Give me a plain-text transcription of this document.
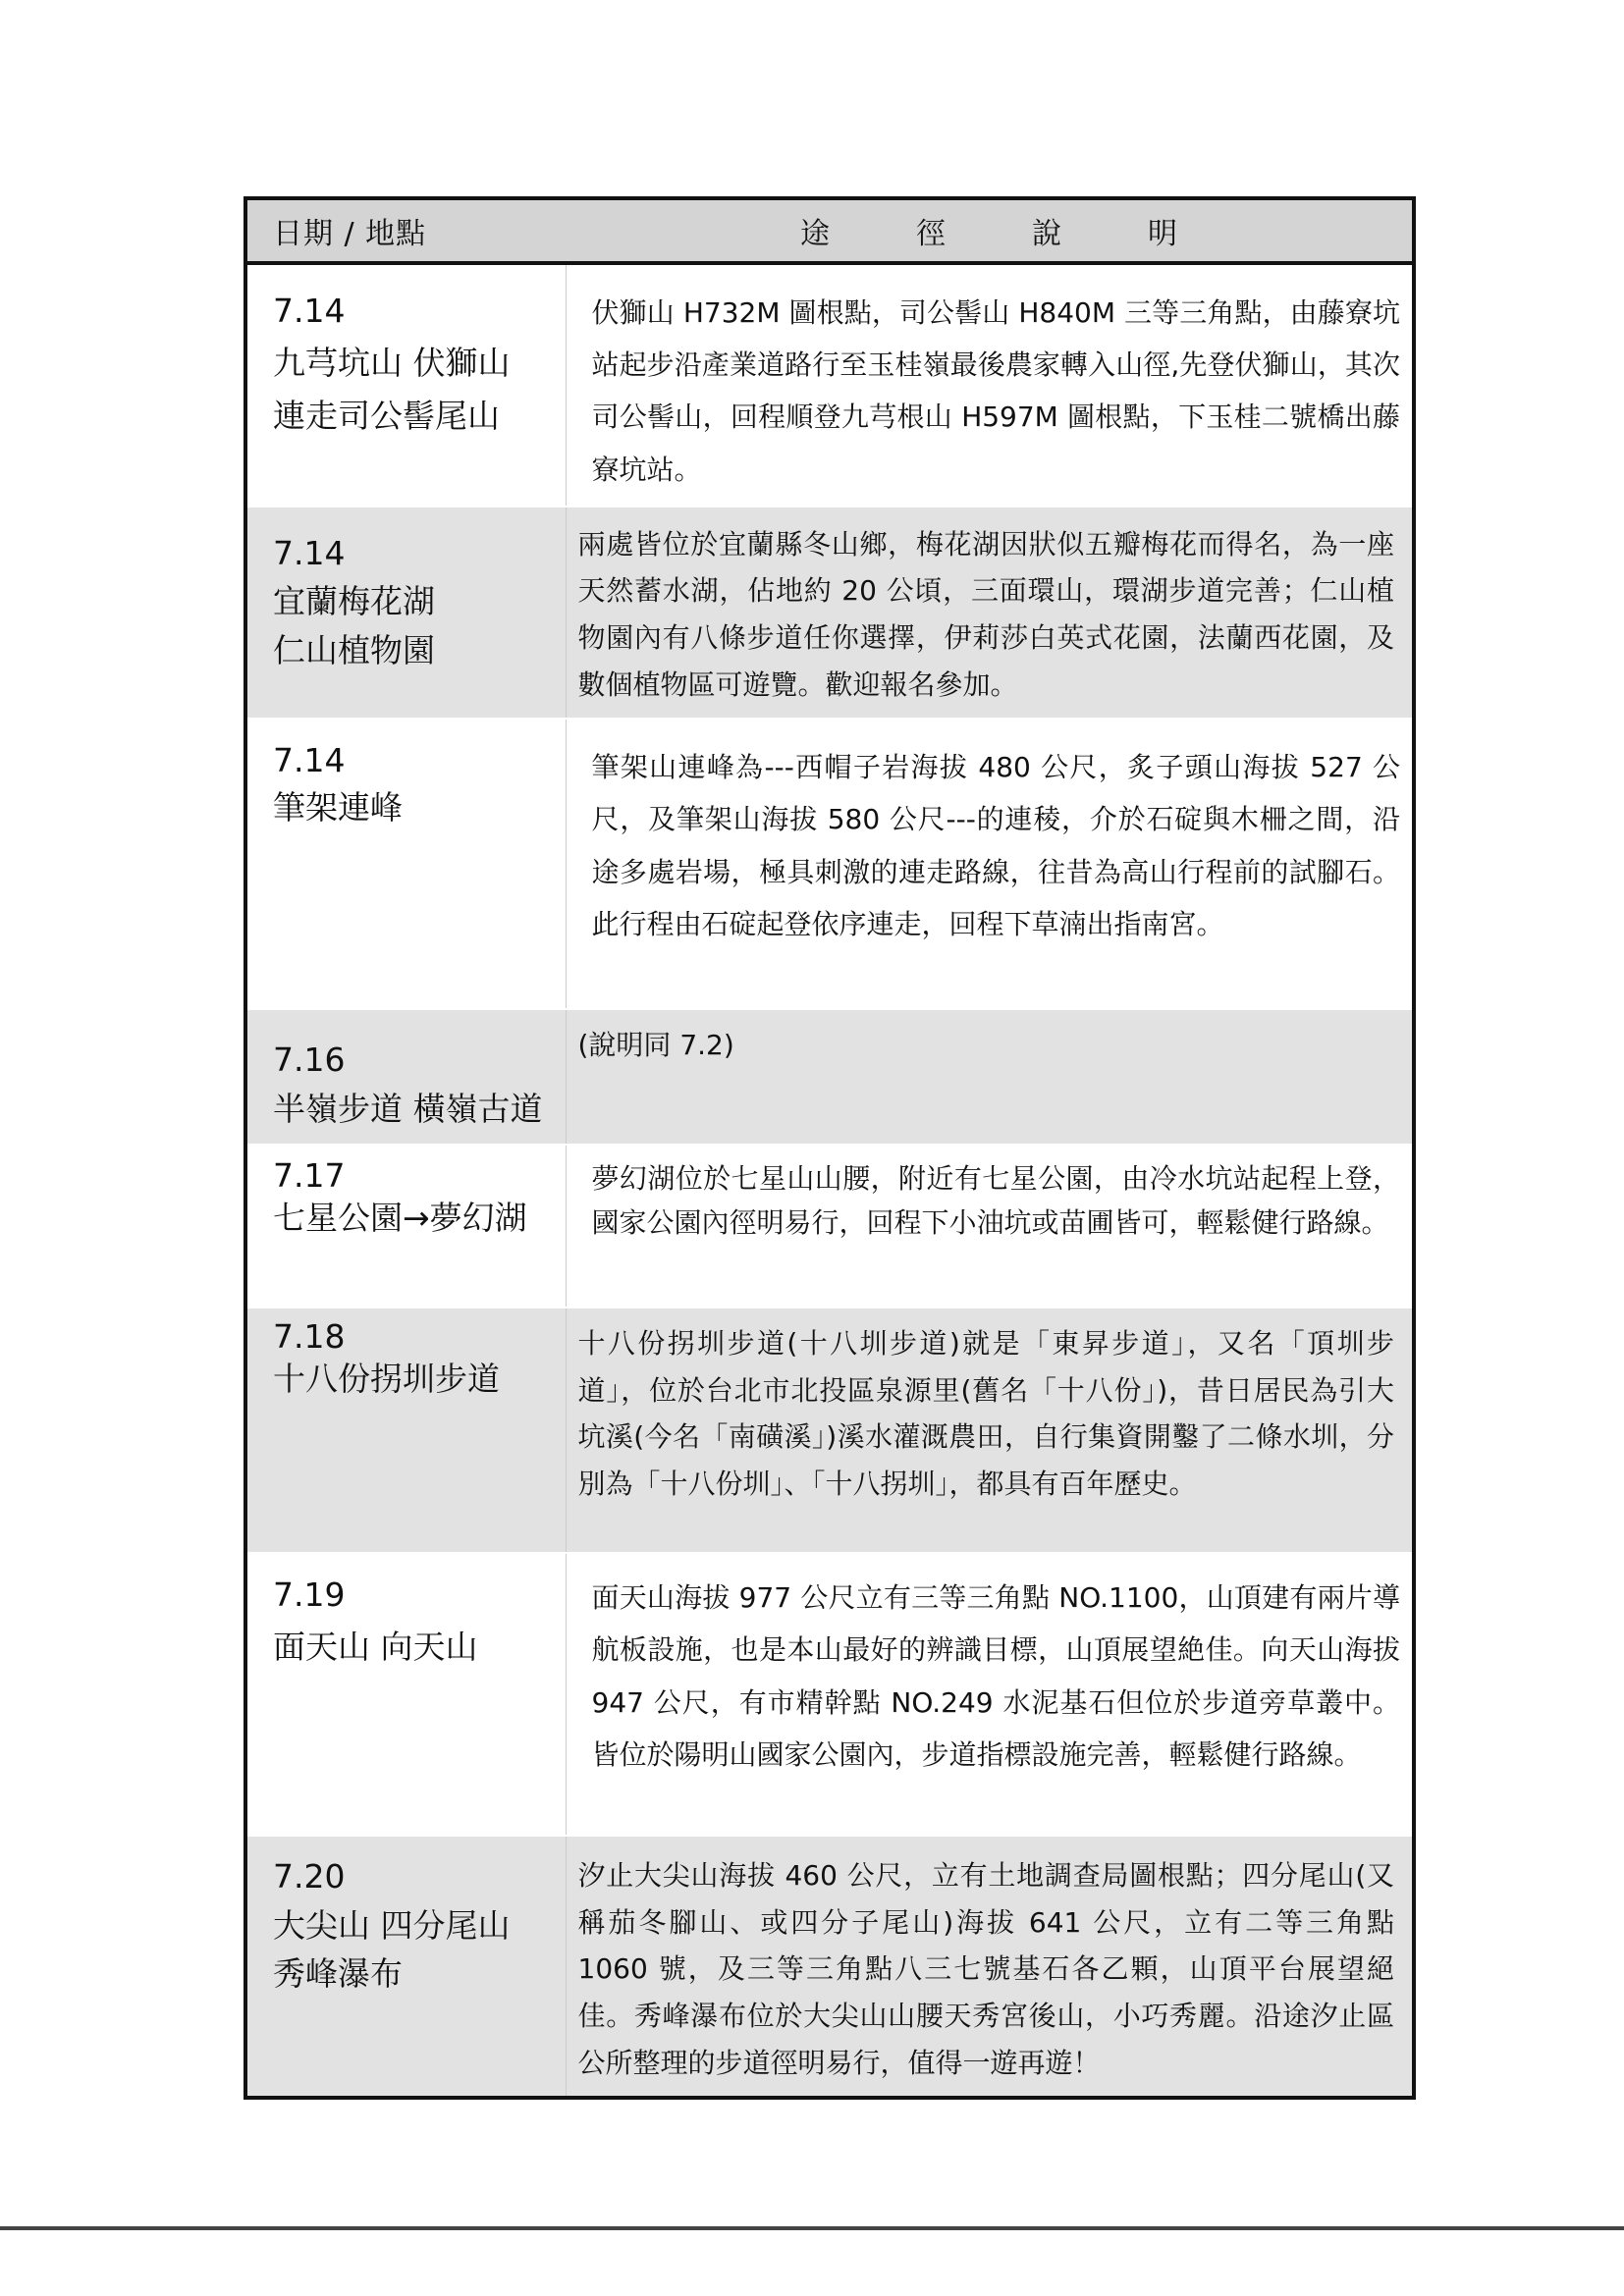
日期 / 地點	途 徑 說 明

7.14
九芎坑山 伏獅山
連走司公髻尾山	伏獅山 H732M 圖根點，司公髻山 H840M 三等三角點，由藤寮坑站起步沿產業道路行至玉桂嶺最後農家轉入山徑,先登伏獅山，其次司公髻山，回程順登九芎根山 H597M 圖根點，下玉桂二號橋出藤寮坑站。

7.14
宜蘭梅花湖
仁山植物園	兩處皆位於宜蘭縣冬山鄉，梅花湖因狀似五瓣梅花而得名，為一座天然蓄水湖，佔地約 20 公頃，三面環山，環湖步道完善；仁山植物園內有八條步道任你選擇，伊莉莎白英式花園，法蘭西花園，及數個植物區可遊覽。歡迎報名參加。

7.14
筆架連峰	筆架山連峰為---西帽子岩海拔 480 公尺，炙子頭山海拔 527 公尺，及筆架山海拔 580 公尺---的連稜，介於石碇與木柵之間，沿途多處岩場，極具刺激的連走路線，往昔為高山行程前的試腳石。此行程由石碇起登依序連走，回程下草湳出指南宮。

7.16
半嶺步道 橫嶺古道	(說明同 7.2)

7.17
七星公園→夢幻湖	夢幻湖位於七星山山腰，附近有七星公園，由冷水坑站起程上登，國家公園內徑明易行，回程下小油坑或苗圃皆可，輕鬆健行路線。

7.18
十八份拐圳步道	十八份拐圳步道(十八圳步道)就是「東昇步道」，又名「頂圳步道」，位於台北市北投區泉源里(舊名「十八份」)，昔日居民為引大坑溪(今名「南磺溪」)溪水灌溉農田，自行集資開鑿了二條水圳，分別為「十八份圳」、「十八拐圳」，都具有百年歷史。

7.19
面天山 向天山	面天山海拔 977 公尺立有三等三角點 NO.1100，山頂建有兩片導航板設施，也是本山最好的辨識目標，山頂展望絶佳。向天山海拔 947 公尺，有市精幹點 NO.249 水泥基石但位於步道旁草叢中。皆位於陽明山國家公園內，步道指標設施完善，輕鬆健行路線。

7.20
大尖山 四分尾山
秀峰瀑布	汐止大尖山海拔 460 公尺，立有土地調查局圖根點；四分尾山(又稱茄冬腳山、或四分子尾山)海拔 641 公尺，立有二等三角點 1060 號，及三等三角點八三七號基石各乙顆，山頂平台展望絕佳。秀峰瀑布位於大尖山山腰天秀宮後山，小巧秀麗。沿途汐止區公所整理的步道徑明易行，值得一遊再遊！
